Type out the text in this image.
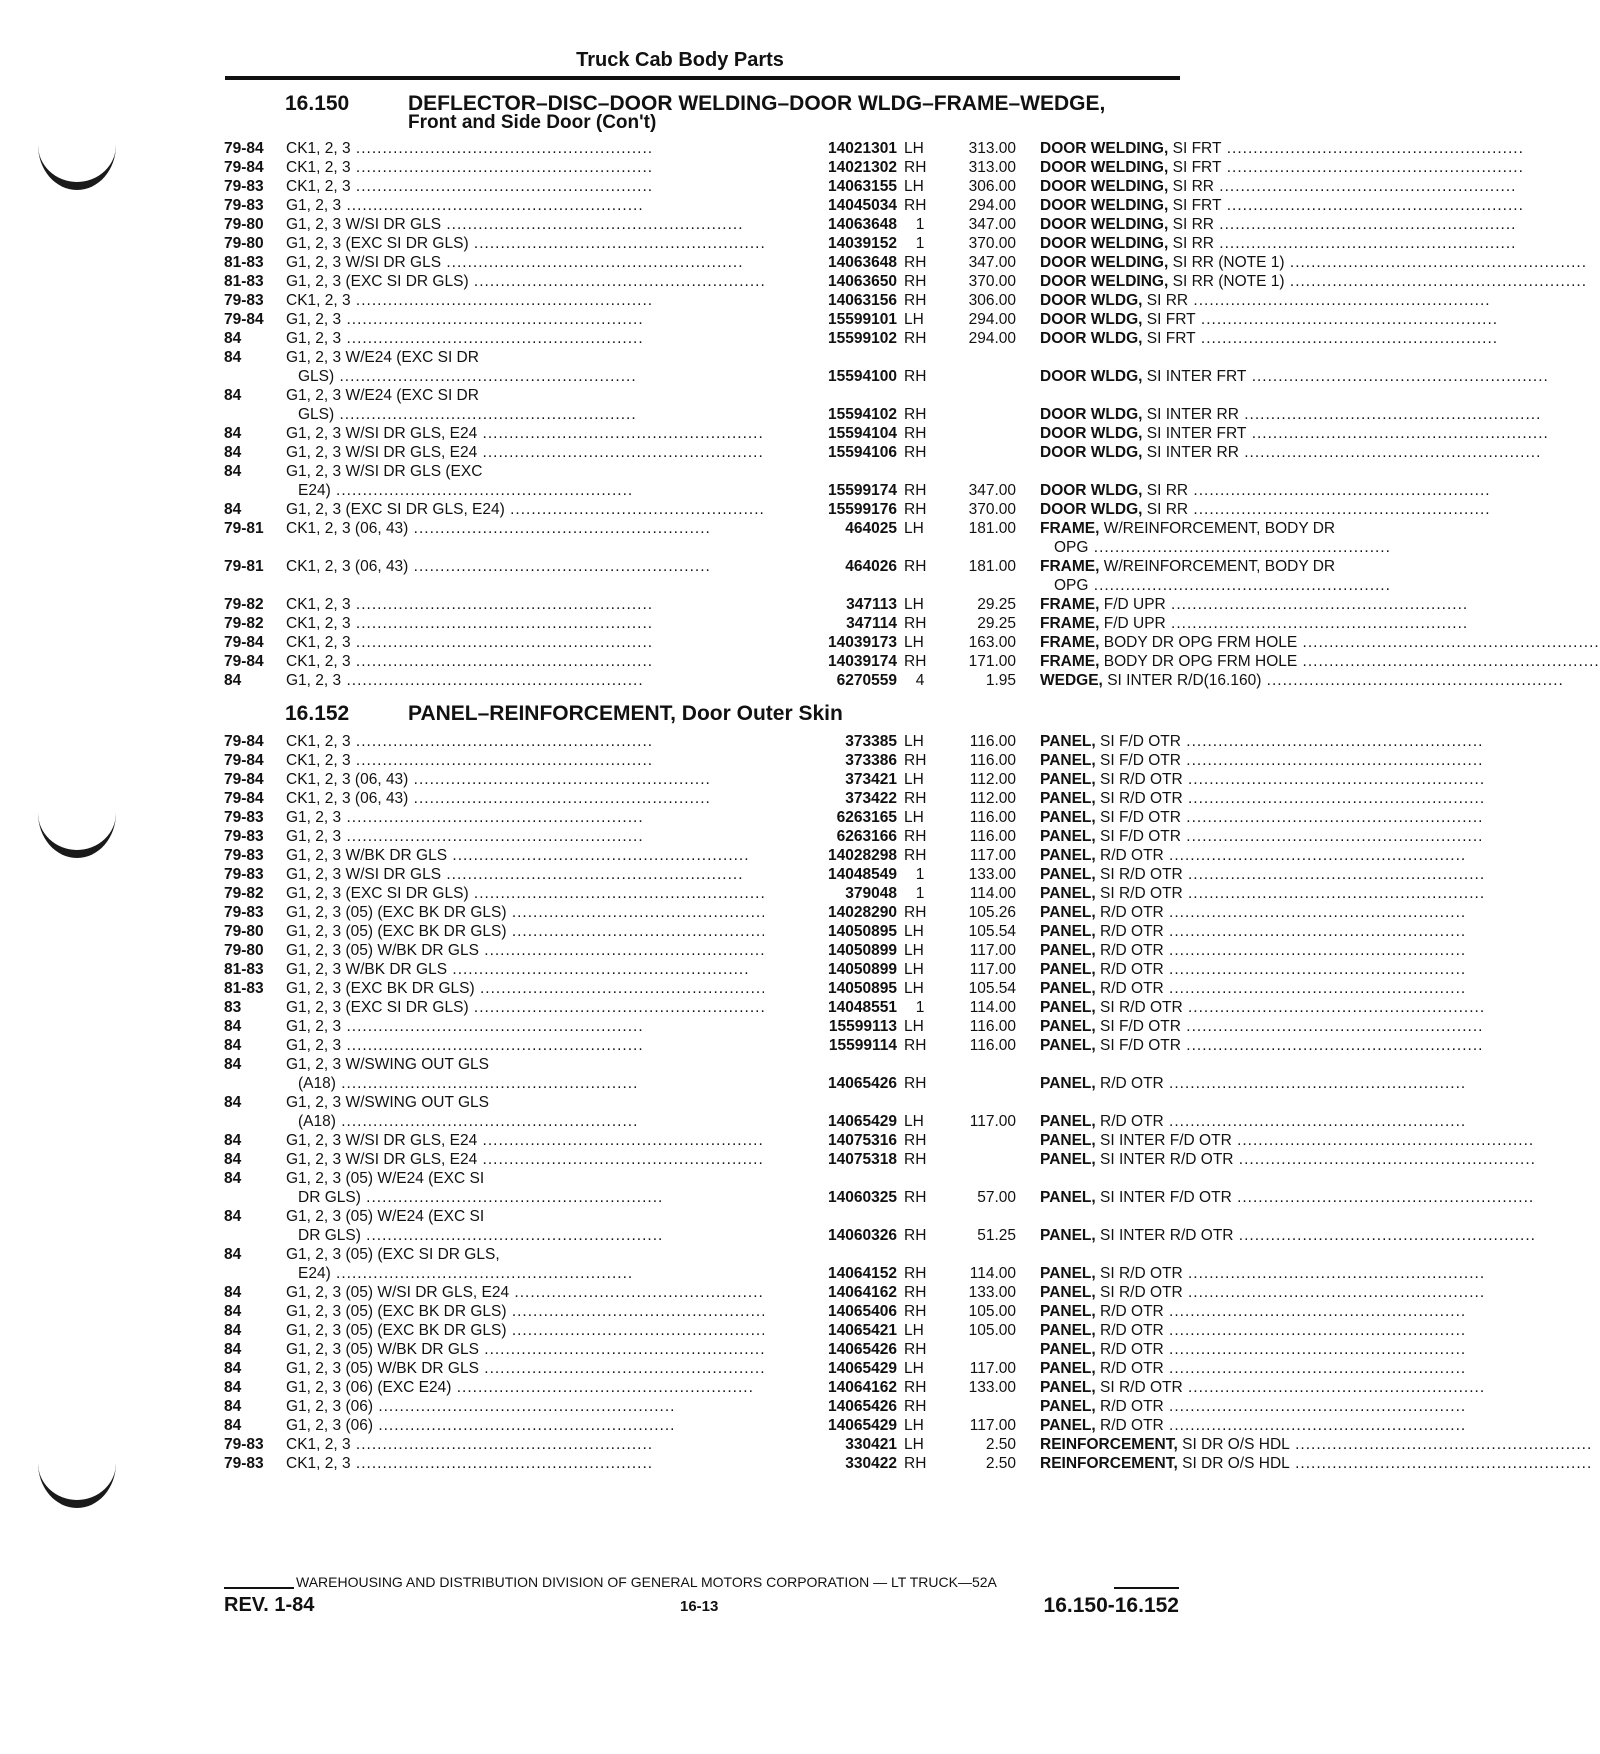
Truck Cab Body Parts
16.150	DEFLECTOR–DISC–DOOR WELDING–DOOR WLDG–FRAME–WEDGE,
Front and Side Door (Con't)
79-84 CK1, 2, 3 .....	14021301 LH	313.00 DOOR WELDING, SI FRT .....
79-84 CK1, 2, 3 .....	14021302 RH	313.00 DOOR WELDING, SI FRT .....
79-83 CK1, 2, 3 .....	14063155 LH	306.00 DOOR WELDING, SI RR .....
79-83 G1, 2, 3 .....	14045034 RH	294.00 DOOR WELDING, SI FRT .....
79-80 G1, 2, 3 W/SI DR GLS .....	14063648	1	347.00 DOOR WELDING, SI RR .....
79-80 G1, 2, 3 (EXC SI DR GLS) .....	14039152	1	370.00 DOOR WELDING, SI RR .....
81-83 G1, 2, 3 W/SI DR GLS .....	14063648 RH	347.00 DOOR WELDING, SI RR (NOTE 1) .....
81-83 G1, 2, 3 (EXC SI DR GLS) .....	14063650 RH	370.00 DOOR WELDING, SI RR (NOTE 1) .....
79-83 CK1, 2, 3 .....	14063156 RH	306.00 DOOR WLDG, SI RR .....
79-84 G1, 2, 3 .....	15599101 LH	294.00 DOOR WLDG, SI FRT .....
84	G1, 2, 3 .....	15599102 RH	294.00 DOOR WLDG, SI FRT .....
84	G1, 2, 3 W/E24 (EXC SI DR
GLS) .....	15594100 RH	DOOR WLDG, SI INTER FRT .....
84	G1, 2, 3 W/E24 (EXC SI DR
GLS) .....	15594102 RH	DOOR WLDG, SI INTER RR .....
84	G1, 2, 3 W/SI DR GLS, E24 .....	15594104 RH	DOOR WLDG, SI INTER FRT .....
84	G1, 2, 3 W/SI DR GLS, E24 .....	15594106 RH	DOOR WLDG, SI INTER RR .....
84	G1, 2, 3 W/SI DR GLS (EXC
E24) .....	15599174 RH	347.00 DOOR WLDG, SI RR .....
84	G1, 2, 3 (EXC SI DR GLS, E24) .....	15599176 RH	370.00 DOOR WLDG, SI RR .....
79-81 CK1, 2, 3 (06, 43) .....	464025 LH	181.00 FRAME, W/REINFORCEMENT, BODY DR
OPG .....
79-81 CK1, 2, 3 (06, 43) .....	464026 RH	181.00 FRAME, W/REINFORCEMENT, BODY DR
OPG .....
79-82 CK1, 2, 3 .....	347113 LH	29.25 FRAME, F/D UPR .....
79-82 CK1, 2, 3 .....	347114 RH	29.25 FRAME, F/D UPR .....
79-84 CK1, 2, 3 .....	14039173 LH	163.00 FRAME, BODY DR OPG FRM HOLE .....
79-84 CK1, 2, 3 .....	14039174 RH	171.00 FRAME, BODY DR OPG FRM HOLE .....
84	G1, 2, 3 .....	6270559	4	1.95 WEDGE, SI INTER R/D(16.160) .....
16.152	PANEL–REINFORCEMENT, Door Outer Skin
79-84 CK1, 2, 3 .....	373385 LH	116.00 PANEL, SI F/D OTR .....
79-84 CK1, 2, 3 .....	373386 RH	116.00 PANEL, SI F/D OTR .....
79-84 CK1, 2, 3 (06, 43) .....	373421 LH	112.00 PANEL, SI R/D OTR .....
79-84 CK1, 2, 3 (06, 43) .....	373422 RH	112.00 PANEL, SI R/D OTR .....
79-83 G1, 2, 3 .....	6263165 LH	116.00 PANEL, SI F/D OTR .....
79-83 G1, 2, 3 .....	6263166 RH	116.00 PANEL, SI F/D OTR .....
79-83 G1, 2, 3 W/BK DR GLS .....	14028298 RH	117.00 PANEL, R/D OTR .....
79-83 G1, 2, 3 W/SI DR GLS .....	14048549	1	133.00 PANEL, SI R/D OTR .....
79-82 G1, 2, 3 (EXC SI DR GLS) .....	379048	1	114.00 PANEL, SI R/D OTR .....
79-83 G1, 2, 3 (05) (EXC BK DR GLS) .....	14028290 RH	105.26 PANEL, R/D OTR .....
79-80 G1, 2, 3 (05) (EXC BK DR GLS) .....	14050895 LH	105.54 PANEL, R/D OTR .....
79-80 G1, 2, 3 (05) W/BK DR GLS .....	14050899 LH	117.00 PANEL, R/D OTR .....
81-83 G1, 2, 3 W/BK DR GLS .....	14050899 LH	117.00 PANEL, R/D OTR .....
81-83 G1, 2, 3 (EXC BK DR GLS) .....	14050895 LH	105.54 PANEL, R/D OTR .....
83	G1, 2, 3 (EXC SI DR GLS) .....	14048551	1	114.00 PANEL, SI R/D OTR .....
84	G1, 2, 3 .....	15599113 LH	116.00 PANEL, SI F/D OTR .....
84	G1, 2, 3 .....	15599114 RH	116.00 PANEL, SI F/D OTR .....
84	G1, 2, 3 W/SWING OUT GLS
(A18) .....	14065426 RH	PANEL, R/D OTR .....
84	G1, 2, 3 W/SWING OUT GLS
(A18) .....	14065429 LH	117.00 PANEL, R/D OTR .....
84	G1, 2, 3 W/SI DR GLS, E24 .....	14075316 RH	PANEL, SI INTER F/D OTR .....
84	G1, 2, 3 W/SI DR GLS, E24 .....	14075318 RH	PANEL, SI INTER R/D OTR .....
84	G1, 2, 3 (05) W/E24 (EXC SI
DR GLS) .....	14060325 RH	57.00 PANEL, SI INTER F/D OTR .....
84	G1, 2, 3 (05) W/E24 (EXC SI
DR GLS) .....	14060326 RH	51.25 PANEL, SI INTER R/D OTR .....
84	G1, 2, 3 (05) (EXC SI DR GLS,
E24) .....	14064152 RH	114.00 PANEL, SI R/D OTR .....
84	G1, 2, 3 (05) W/SI DR GLS, E24 .....	14064162 RH	133.00 PANEL, SI R/D OTR .....
84	G1, 2, 3 (05) (EXC BK DR GLS) .....	14065406 RH	105.00 PANEL, R/D OTR .....
84	G1, 2, 3 (05) (EXC BK DR GLS) .....	14065421 LH	105.00 PANEL, R/D OTR .....
84	G1, 2, 3 (05) W/BK DR GLS .....	14065426 RH	PANEL, R/D OTR .....
84	G1, 2, 3 (05) W/BK DR GLS .....	14065429 LH	117.00 PANEL, R/D OTR .....
84	G1, 2, 3 (06) (EXC E24) .....	14064162 RH	133.00 PANEL, SI R/D OTR .....
84	G1, 2, 3 (06) .....	14065426 RH	PANEL, R/D OTR .....
84	G1, 2, 3 (06) .....	14065429 LH	117.00 PANEL, R/D OTR .....
79-83 CK1, 2, 3 .....	330421 LH	2.50 REINFORCEMENT, SI DR O/S HDL .....
79-83 CK1, 2, 3 .....	330422 RH	2.50 REINFORCEMENT, SI DR O/S HDL .....
WAREHOUSING AND DISTRIBUTION DIVISION OF GENERAL MOTORS CORPORATION — LT TRUCK—52A
REV. 1-84	16-13	16.150-16.152
